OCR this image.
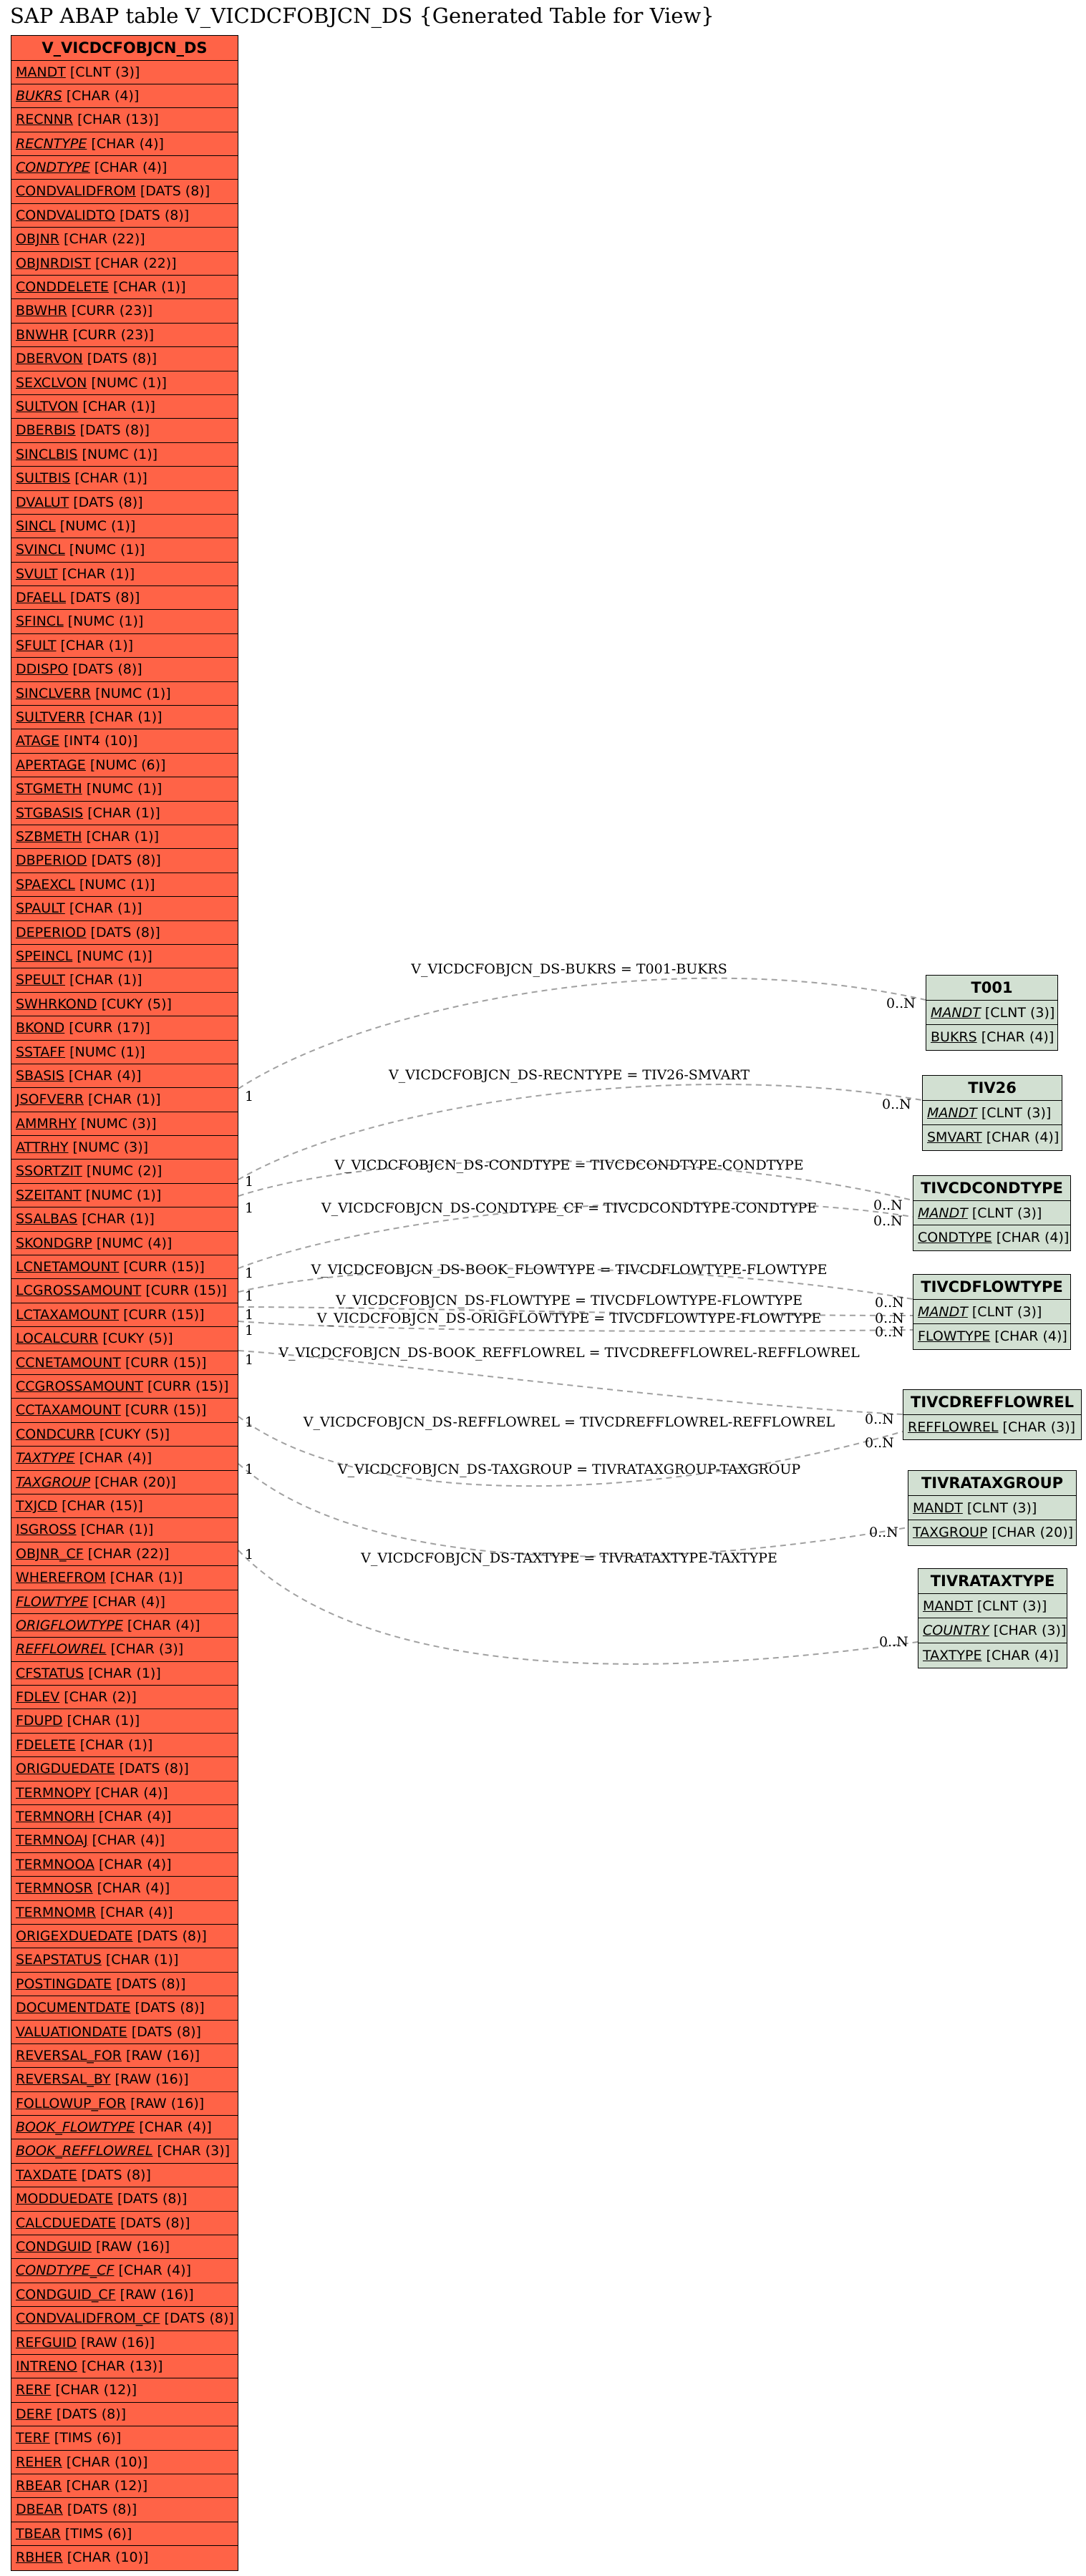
SAP ABAP table V_VICDCFOBJCN_DS {Generated Table for View}
V_VICDCFOBJCN_DS-BUKRS = T001-BUKRS
1
0..N
V_VICDCFOBJCN_DS-RECNTYPE = TIV26-SMVART
1
0..N
V_VICDCFOBJCN_DS-CONDTYPE = TIVCDCONDTYPE-CONDTYPE
1	0..N
V_VICDCFOBJCN_DS-CONDTYPE_CF = TIVCDCONDTYPE-CONDTYPE
1
0..N
V_VICDCFOBJCN_DS-BOOK_FLOWTYPE = TIVCDFLOWTYPE-FLOWTYPE
1	0..N
V_VICDCFOBJCN_DS-FLOWTYPE = TIVCDFLOWTYPE-FLOWTYPE
1	0..N
V_VICDCFOBJCN_DS-ORIGFLOWTYPE = TIVCDFLOWTYPE-FLOWTYPE
1	0..N
V_VICDCFOBJCN_DS-BOOK_REFFLOWREL = TIVCDREFFLOWREL-REFFLOWREL
1
0..N
V_VICDCFOBJCN_DS-REFFLOWREL = TIVCDREFFLOWREL-REFFLOWREL
1
0..N
V_VICDCFOBJCN_DS-TAXGROUP = TIVRATAXGROUP-TAXGROUP
1
0..N
V_VICDCFOBJCN_DS-TAXTYPE = TIVRATAXTYPE-TAXTYPE
1
0..N
V_VICDCFOBJCN_DS
MANDT [CLNT (3)]
BUKRS [CHAR (4)]
RECNNR [CHAR (13)]
RECNTYPE [CHAR (4)]
CONDTYPE [CHAR (4)]
CONDVALIDFROM [DATS (8)]
CONDVALIDTO [DATS (8)]
OBJNR [CHAR (22)]
OBJNRDIST [CHAR (22)]
CONDDELETE [CHAR (1)]
BBWHR [CURR (23)]
BNWHR [CURR (23)]
DBERVON [DATS (8)]
SEXCLVON [NUMC (1)]
SULTVON [CHAR (1)]
DBERBIS [DATS (8)]
SINCLBIS [NUMC (1)]
SULTBIS [CHAR (1)]
DVALUT [DATS (8)]
SINCL [NUMC (1)]
SVINCL [NUMC (1)]
SVULT [CHAR (1)]
DFAELL [DATS (8)]
SFINCL [NUMC (1)]
SFULT [CHAR (1)]
DDISPO [DATS (8)]
SINCLVERR [NUMC (1)]
SULTVERR [CHAR (1)]
ATAGE [INT4 (10)]
APERTAGE [NUMC (6)]
STGMETH [NUMC (1)]
STGBASIS [CHAR (1)]
SZBMETH [CHAR (1)]
DBPERIOD [DATS (8)]
SPAEXCL [NUMC (1)]
SPAULT [CHAR (1)]
DEPERIOD [DATS (8)]
SPEINCL [NUMC (1)]
SPEULT [CHAR (1)]
SWHRKOND [CUKY (5)]
BKOND [CURR (17)]
SSTAFF [NUMC (1)]
SBASIS [CHAR (4)]
JSOFVERR [CHAR (1)]
AMMRHY [NUMC (3)]
ATTRHY [NUMC (3)]
SSORTZIT [NUMC (2)]
SZEITANT [NUMC (1)]
SSALBAS [CHAR (1)]
SKONDGRP [NUMC (4)]
LCNETAMOUNT [CURR (15)]
LCGROSSAMOUNT [CURR (15)]
LCTAXAMOUNT [CURR (15)]
LOCALCURR [CUKY (5)]
CCNETAMOUNT [CURR (15)]
CCGROSSAMOUNT [CURR (15)]
CCTAXAMOUNT [CURR (15)]
CONDCURR [CUKY (5)]
TAXTYPE [CHAR (4)]
TAXGROUP [CHAR (20)]
TXJCD [CHAR (15)]
ISGROSS [CHAR (1)]
OBJNR_CF [CHAR (22)]
WHEREFROM [CHAR (1)]
FLOWTYPE [CHAR (4)]
ORIGFLOWTYPE [CHAR (4)]
REFFLOWREL [CHAR (3)]
CFSTATUS [CHAR (1)]
FDLEV [CHAR (2)]
FDUPD [CHAR (1)]
FDELETE [CHAR (1)]
ORIGDUEDATE [DATS (8)]
TERMNOPY [CHAR (4)]
TERMNORH [CHAR (4)]
TERMNOAJ [CHAR (4)]
TERMNOOA [CHAR (4)]
TERMNOSR [CHAR (4)]
TERMNOMR [CHAR (4)]
ORIGEXDUEDATE [DATS (8)]
SEAPSTATUS [CHAR (1)]
POSTINGDATE [DATS (8)]
DOCUMENTDATE [DATS (8)]
VALUATIONDATE [DATS (8)]
REVERSAL_FOR [RAW (16)]
REVERSAL_BY [RAW (16)]
FOLLOWUP_FOR [RAW (16)]
BOOK_FLOWTYPE [CHAR (4)]
BOOK_REFFLOWREL [CHAR (3)]
TAXDATE [DATS (8)]
MODDUEDATE [DATS (8)]
CALCDUEDATE [DATS (8)]
CONDGUID [RAW (16)]
CONDTYPE_CF [CHAR (4)]
CONDGUID_CF [RAW (16)]
CONDVALIDFROM_CF [DATS (8)]
REFGUID [RAW (16)]
INTRENO [CHAR (13)]
RERF [CHAR (12)]
DERF [DATS (8)]
TERF [TIMS (6)]
REHER [CHAR (10)]
RBEAR [CHAR (12)]
DBEAR [DATS (8)]
TBEAR [TIMS (6)]
RBHER [CHAR (10)]
T001
MANDT [CLNT (3)]
BUKRS [CHAR (4)]
TIV26
MANDT [CLNT (3)]
SMVART [CHAR (4)]
TIVCDCONDTYPE
MANDT [CLNT (3)]
CONDTYPE [CHAR (4)]
TIVCDFLOWTYPE
MANDT [CLNT (3)]
FLOWTYPE [CHAR (4)]
TIVCDREFFLOWREL
REFFLOWREL [CHAR (3)]
TIVRATAXGROUP
MANDT [CLNT (3)]
TAXGROUP [CHAR (20)]
TIVRATAXTYPE
MANDT [CLNT (3)]
COUNTRY [CHAR (3)]
TAXTYPE [CHAR (4)]
